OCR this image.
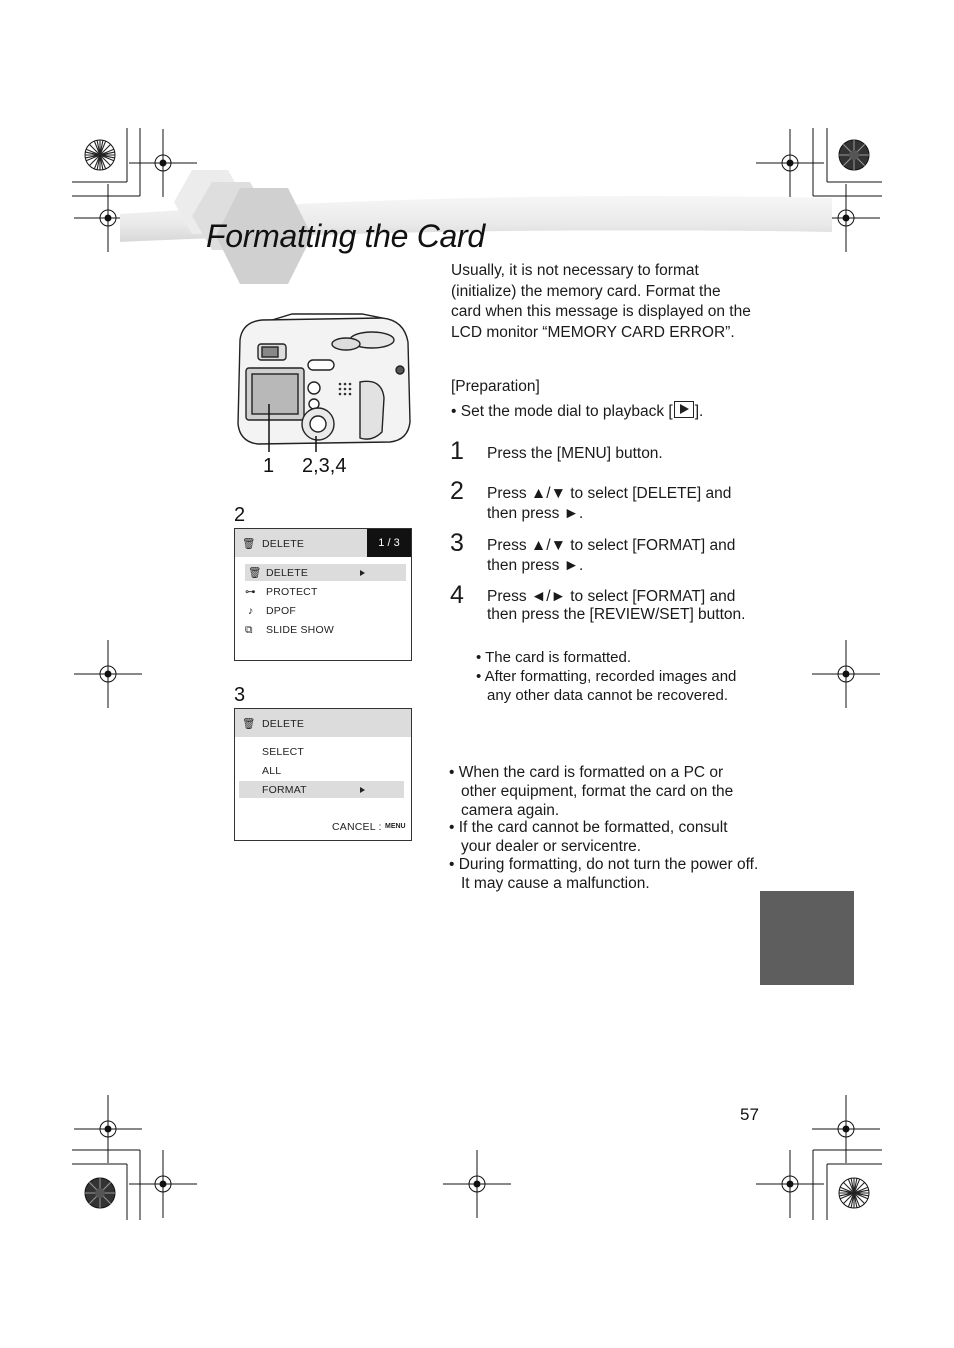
Formatting the Card
1 2,3,4
2
🗑 DELETE	1 / 3
🗑 DELETE
⊶ PROTECT
♪ DPOF
⧉ SLIDE SHOW
3
🗑 DELETE
SELECT
ALL
FORMAT
CANCEL : MENU
Usually, it is not necessary to format (initialize) the memory card. Format the card when this message is displayed on the LCD monitor “MEMORY CARD ERROR”.
[Preparation]
• Set the mode dial to playback [ ].
1 Press the [MENU] button.
2 Press ▲/▼ to select [DELETE] and then press ►.
3 Press ▲/▼ to select [FORMAT] and then press ►.
4 Press ◄/► to select [FORMAT] and then press the [REVIEW/SET] button.
• The card is formatted.
• After formatting, recorded images and any other data cannot be recovered.
• When the card is formatted on a PC or other equipment, format the card on the camera again.
• If the card cannot be formatted, consult your dealer or servicentre.
• During formatting, do not turn the power off. It may cause a malfunction.
57
